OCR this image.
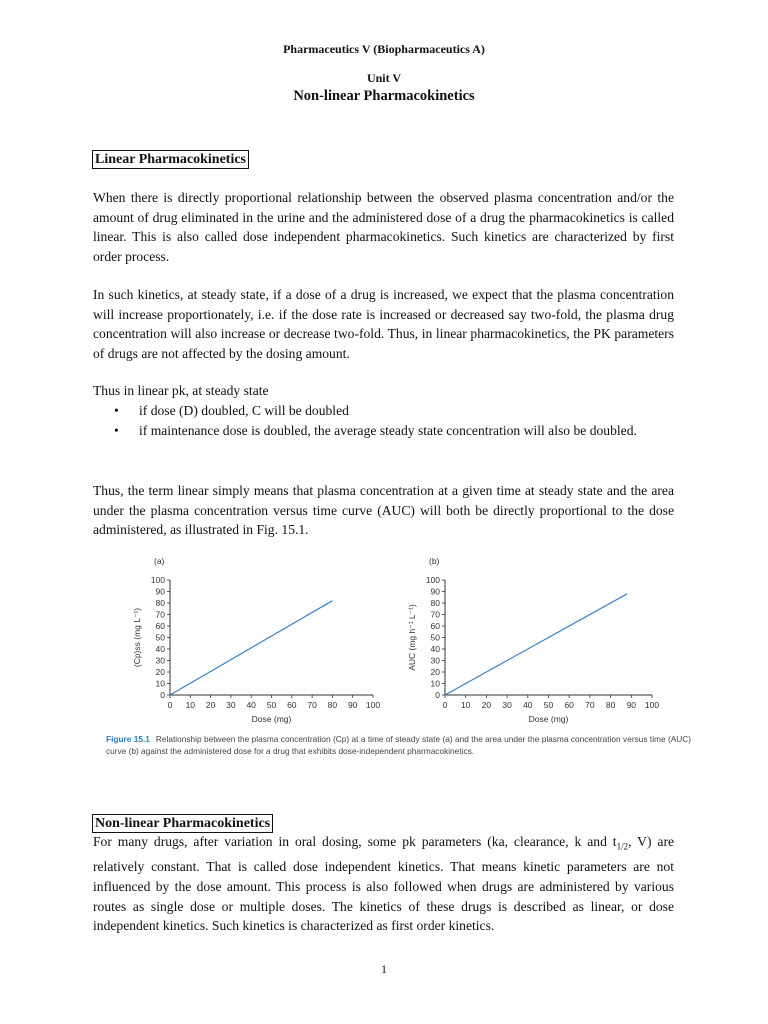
Pharmaceutics V (Biopharmaceutics A)
Unit V
Non-linear Pharmacokinetics
Linear Pharmacokinetics
When there is directly proportional relationship between the observed plasma concentration and/or the amount of drug eliminated in the urine and the administered dose of a drug the pharmacokinetics is called linear. This is also called dose independent pharmacokinetics. Such kinetics are characterized by first order process.
In such kinetics, at steady state, if a dose of a drug is increased, we expect that the plasma concentration will increase proportionately, i.e. if the dose rate is increased or decreased say two-fold, the plasma drug concentration will also increase or decrease two-fold. Thus, in linear pharmacokinetics, the PK parameters of drugs are not affected by the dosing amount.
Thus in linear pk, at steady state
• if dose (D) doubled, C will be doubled
• if maintenance dose is doubled, the average steady state concentration will also be doubled.
Thus, the term linear simply means that plasma concentration at a given time at steady state and the area under the plasma concentration versus time curve (AUC) will both be directly proportional to the dose administered, as illustrated in Fig. 15.1.
(a)
0
10
20
30
40
50
60
70
80
90
100
0 10 20 30 40 50 60 70 80 90 100
Dose (mg)
(Cp)ss (mg L⁻¹)
(b)
0
10
20
30
40
50
60
70
80
90
100
0 10 20 30 40 50 60 70 80 90 100
Dose (mg)
AUC (mg h⁻¹ L⁻¹)
Figure 15.1 Relationship between the plasma concentration (Cp) at a time of steady state (a) and the area under the plasma concentration versus time (AUC) curve (b) against the administered dose for a drug that exhibits dose-independent pharmacokinetics.
Non-linear Pharmacokinetics
For many drugs, after variation in oral dosing, some pk parameters (ka, clearance, k and $t_{1/2}$, V) are relatively constant. That is called dose independent kinetics. That means kinetic parameters are not influenced by the dose amount. This process is also followed when drugs are administered by various routes as single dose or multiple doses. The kinetics of these drugs is described as linear, or dose independent kinetics. Such kinetics is characterized as first order kinetics.
1
